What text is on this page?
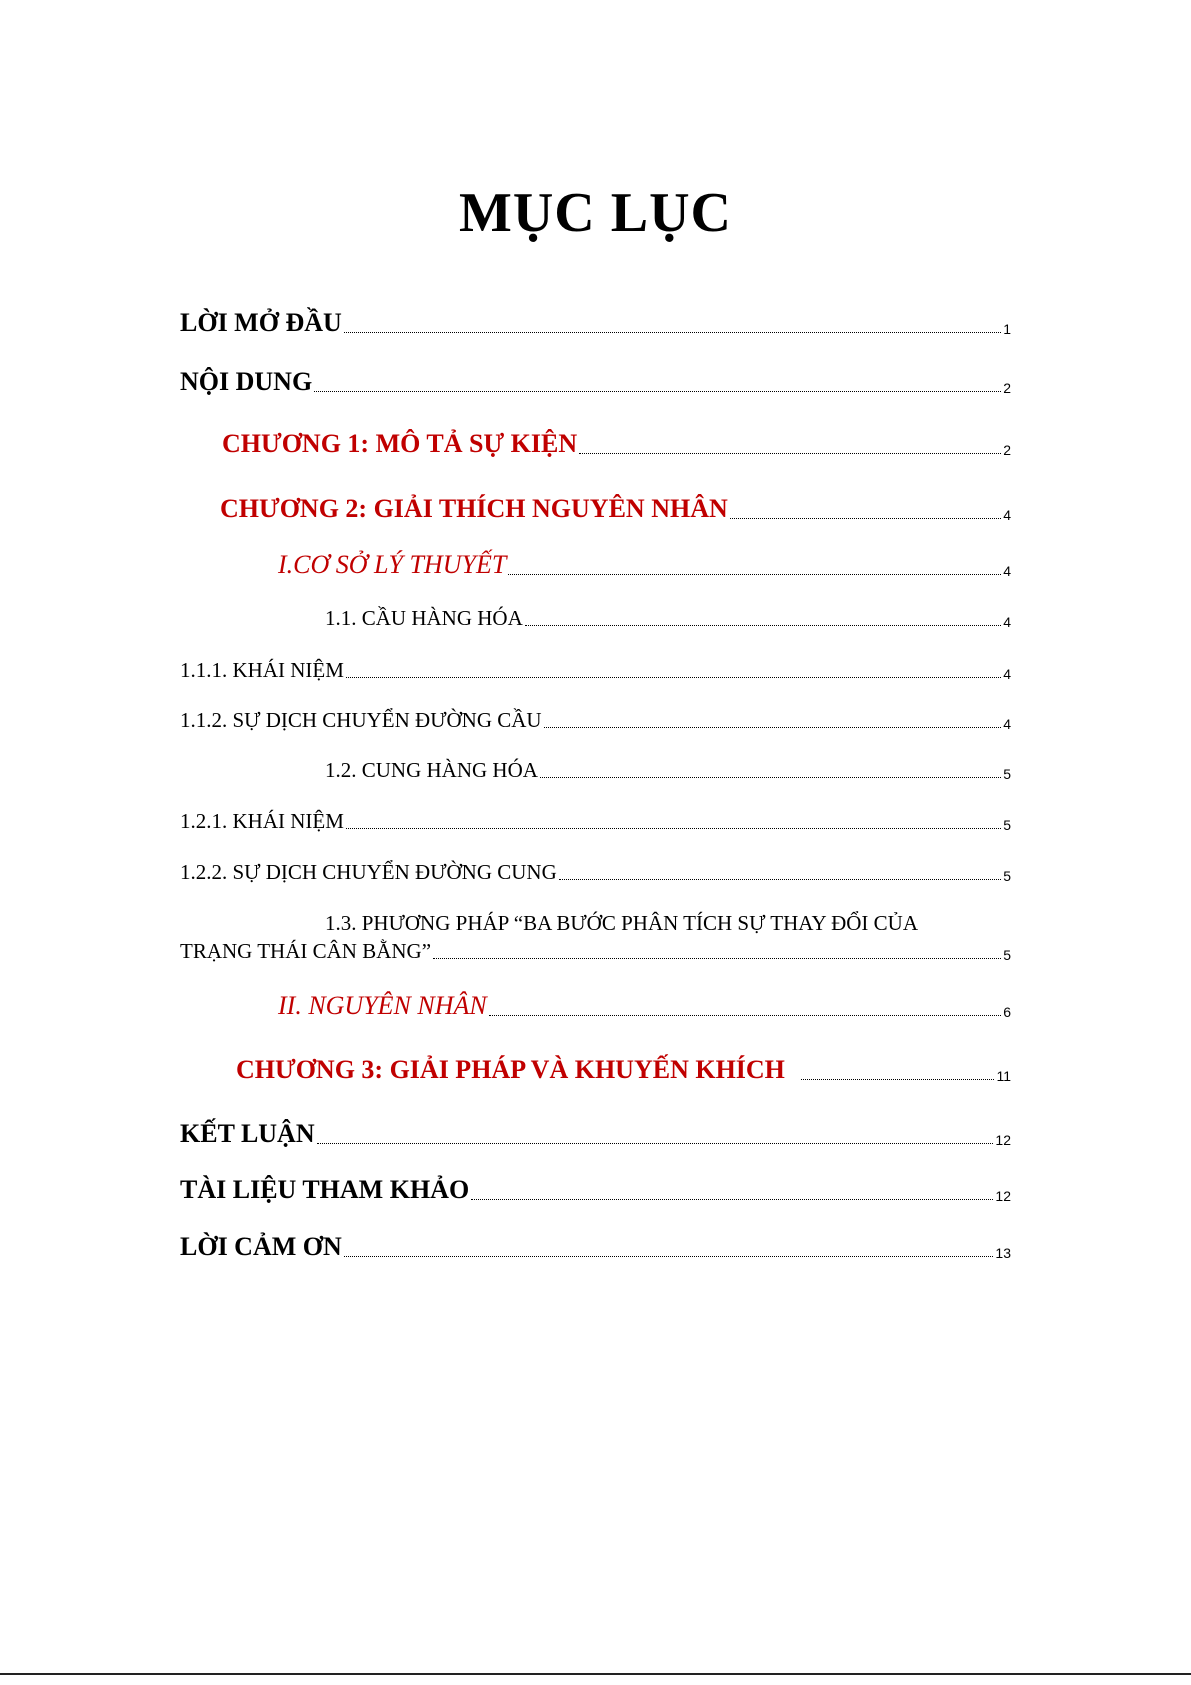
MỤC LỤC
LỜI MỞ ĐẦU	1
NỘI DUNG	2
CHƯƠNG 1: MÔ TẢ SỰ KIỆN	2
CHƯƠNG 2: GIẢI THÍCH NGUYÊN NHÂN	4
I.CƠ SỞ LÝ THUYẾT	4
1.1. CẦU HÀNG HÓA	4
1.1.1. KHÁI NIỆM	4
1.1.2. SỰ DỊCH CHUYỂN ĐƯỜNG CẦU	4
1.2. CUNG HÀNG HÓA	5
1.2.1. KHÁI NIỆM	5
1.2.2. SỰ DỊCH CHUYỂN ĐƯỜNG CUNG	5
1.3. PHƯƠNG PHÁP “BA BƯỚC PHÂN TÍCH SỰ THAY ĐỔI CỦA
TRẠNG THÁI CÂN BẰNG”	5
II. NGUYÊN NHÂN	6
CHƯƠNG 3: GIẢI PHÁP VÀ KHUYẾN KHÍCH	11
KẾT LUẬN	12
TÀI LIỆU THAM KHẢO	12
LỜI CẢM ƠN	13
